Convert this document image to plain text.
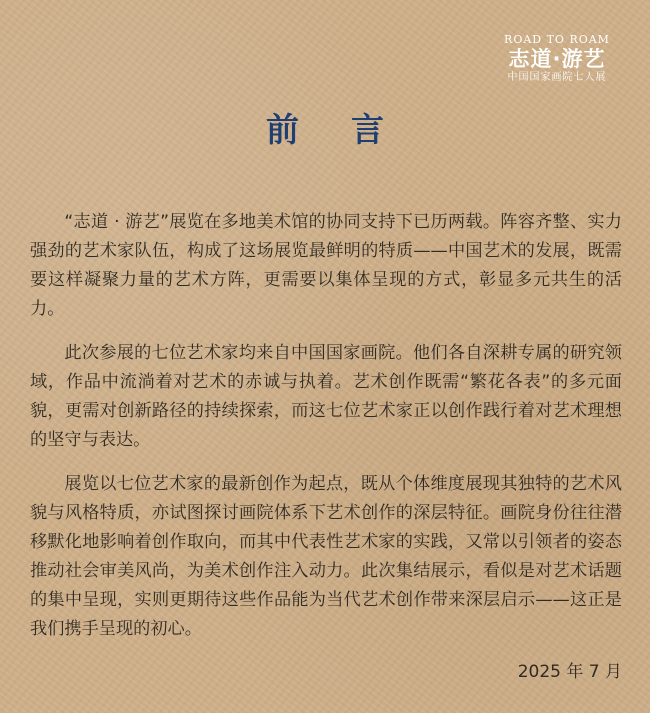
ROAD TO ROAM
志道·游艺
中国国家画院七人展
前言

“志道 · 游艺”展览在多地美术馆的协同支持下已历两载。阵容齐整、实力强劲的艺术家队伍，构成了这场展览最鲜明的特质——中国艺术的发展，既需要这样凝聚力量的艺术方阵，更需要以集体呈现的方式，彰显多元共生的活力。

此次参展的七位艺术家均来自中国国家画院。他们各自深耕专属的研究领域，作品中流淌着对艺术的赤诚与执着。艺术创作既需“繁花各表”的多元面貌，更需对创新路径的持续探索，而这七位艺术家正以创作践行着对艺术理想的坚守与表达。

展览以七位艺术家的最新创作为起点，既从个体维度展现其独特的艺术风貌与风格特质，亦试图探讨画院体系下艺术创作的深层特征。画院身份往往潜移默化地影响着创作取向，而其中代表性艺术家的实践，又常以引领者的姿态推动社会审美风尚，为美术创作注入动力。此次集结展示，看似是对艺术话题的集中呈现，实则更期待这些作品能为当代艺术创作带来深层启示——这正是我们携手呈现的初心。

2025 年 7 月
